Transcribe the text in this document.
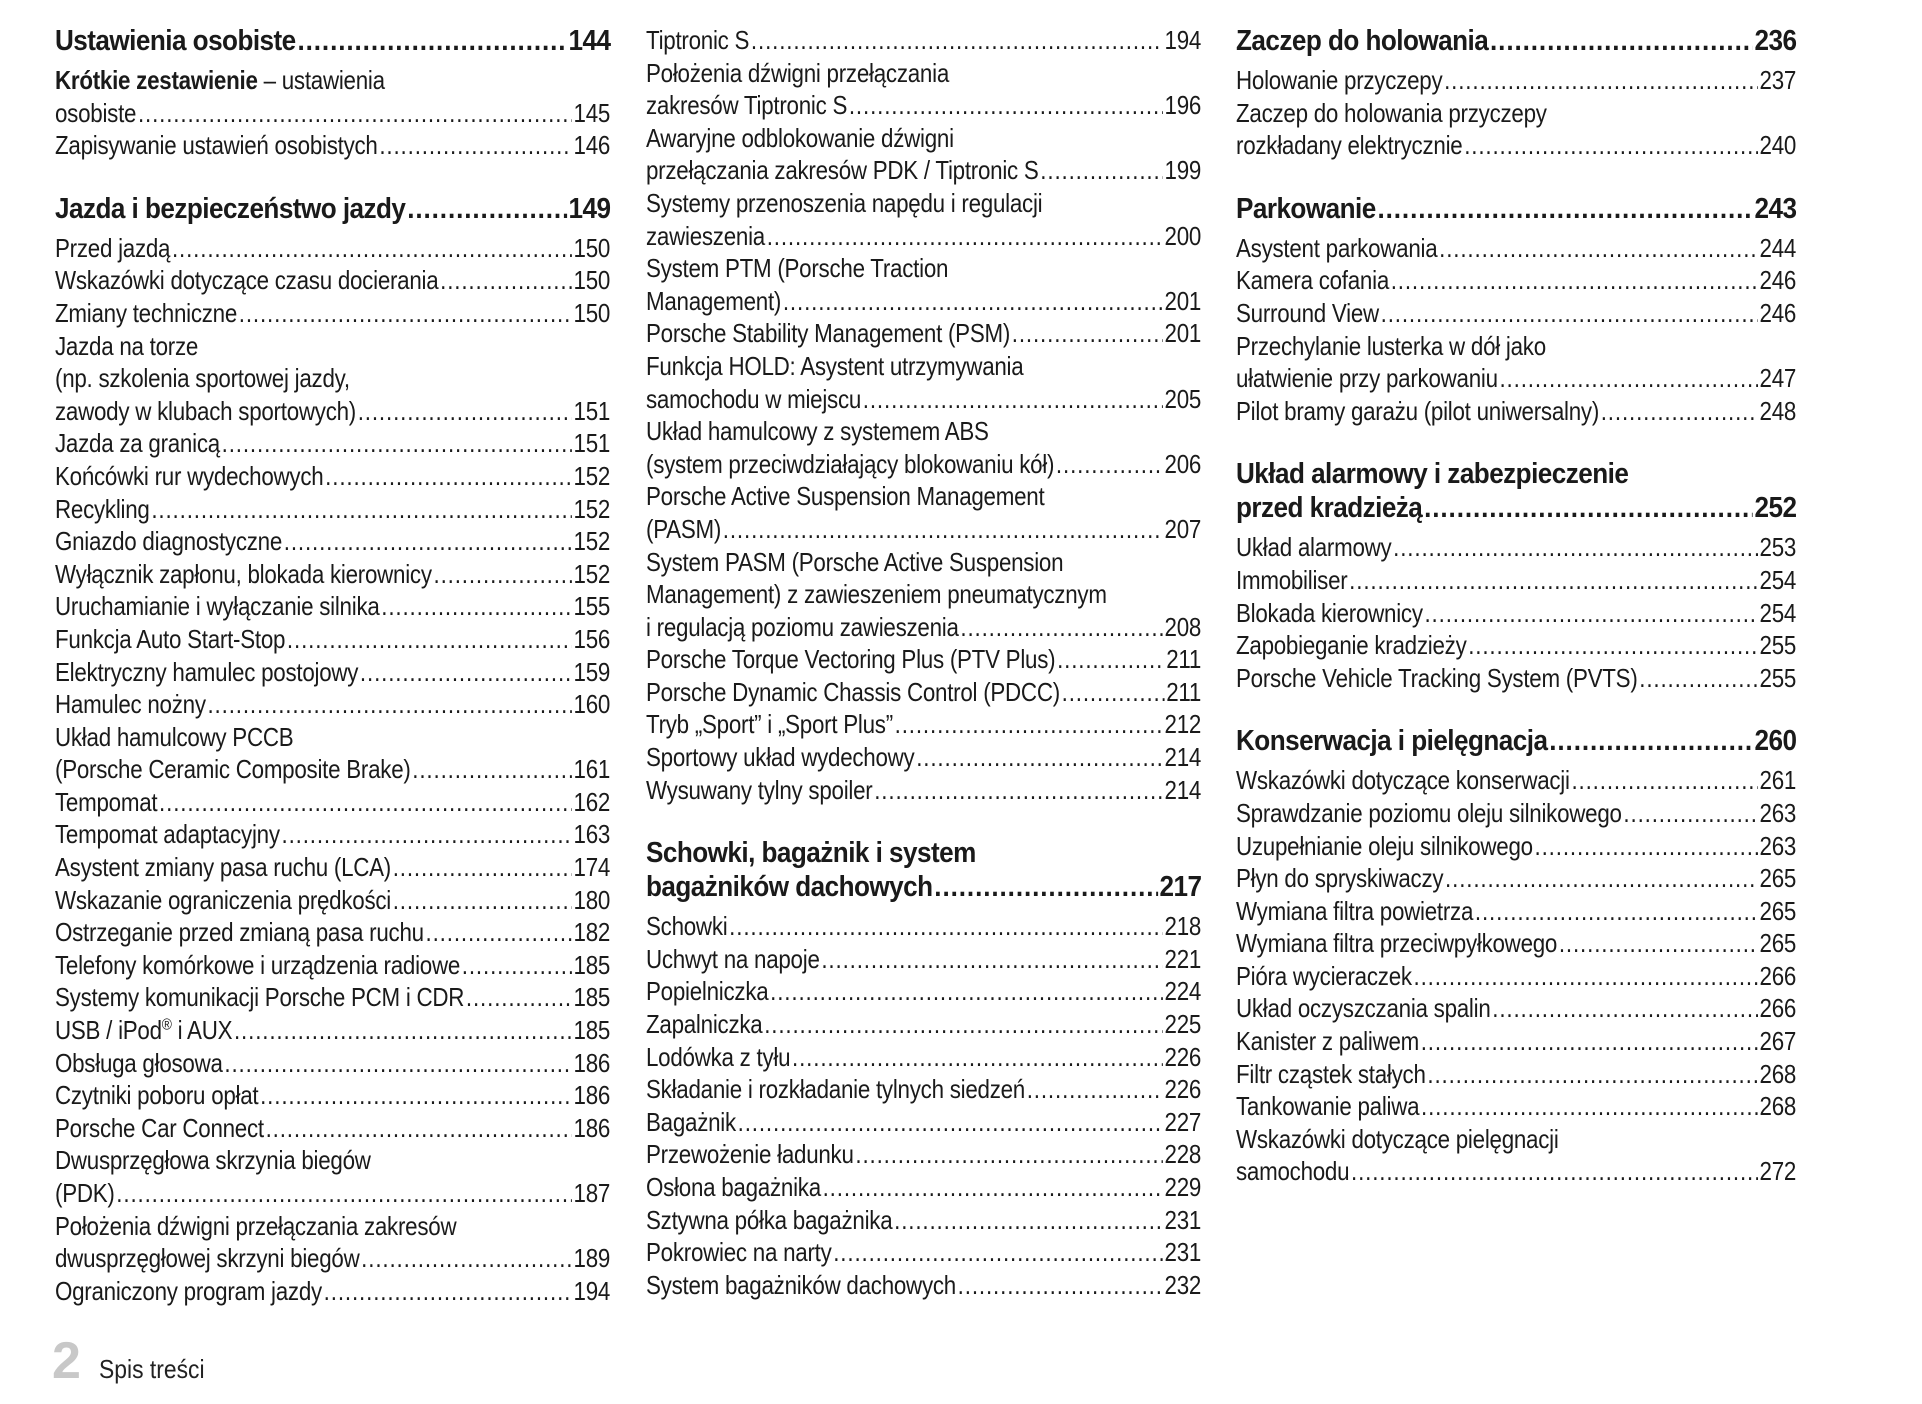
Ustawienia osobiste .....	144
Krótkie zestawienie – ustawienia
osobiste .....	145
Zapisywanie ustawień osobistych .....	146
Jazda i bezpieczeństwo jazdy .....	149
Przed jazdą .....	150
Wskazówki dotyczące czasu docierania .....	150
Zmiany techniczne .....	150
Jazda na torze
(np. szkolenia sportowej jazdy,
zawody w klubach sportowych) .....	151
Jazda za granicą .....	151
Końcówki rur wydechowych .....	152
Recykling .....	152
Gniazdo diagnostyczne .....	152
Wyłącznik zapłonu, blokada kierownicy .....	152
Uruchamianie i wyłączanie silnika .....	155
Funkcja Auto Start-Stop .....	156
Elektryczny hamulec postojowy .....	159
Hamulec nożny .....	160
Układ hamulcowy PCCB
(Porsche Ceramic Composite Brake) .....	161
Tempomat .....	162
Tempomat adaptacyjny .....	163
Asystent zmiany pasa ruchu (LCA) .....	174
Wskazanie ograniczenia prędkości .....	180
Ostrzeganie przed zmianą pasa ruchu .....	182
Telefony komórkowe i urządzenia radiowe .....	185
Systemy komunikacji Porsche PCM i CDR .....	185
USB / iPod® i AUX .....	185
Obsługa głosowa .....	186
Czytniki poboru opłat .....	186
Porsche Car Connect .....	186
Dwusprzęgłowa skrzynia biegów
(PDK) .....	187
Położenia dźwigni przełączania zakresów
dwusprzęgłowej skrzyni biegów .....	189
Ograniczony program jazdy .....	194
Tiptronic S .....	194
Położenia dźwigni przełączania
zakresów Tiptronic S .....	196
Awaryjne odblokowanie dźwigni
przełączania zakresów PDK / Tiptronic S .....	199
Systemy przenoszenia napędu i regulacji
zawieszenia .....	200
System PTM (Porsche Traction
Management) .....	201
Porsche Stability Management (PSM) .....	201
Funkcja HOLD: Asystent utrzymywania
samochodu w miejscu .....	205
Układ hamulcowy z systemem ABS
(system przeciwdziałający blokowaniu kół) .....	206
Porsche Active Suspension Management
(PASM) .....	207
System PASM (Porsche Active Suspension
Management) z zawieszeniem pneumatycznym
i regulacją poziomu zawieszenia .....	208
Porsche Torque Vectoring Plus (PTV Plus) .....	211
Porsche Dynamic Chassis Control (PDCC) .....	211
Tryb „Sport” i „Sport Plus” .....	212
Sportowy układ wydechowy .....	214
Wysuwany tylny spoiler .....	214
Schowki, bagażnik i system
bagażników dachowych .....	217
Schowki .....	218
Uchwyt na napoje .....	221
Popielniczka .....	224
Zapalniczka .....	225
Lodówka z tyłu .....	226
Składanie i rozkładanie tylnych siedzeń .....	226
Bagażnik .....	227
Przewożenie ładunku .....	228
Osłona bagażnika .....	229
Sztywna półka bagażnika .....	231
Pokrowiec na narty .....	231
System bagażników dachowych .....	232
Zaczep do holowania .....	236
Holowanie przyczepy .....	237
Zaczep do holowania przyczepy
rozkładany elektrycznie .....	240
Parkowanie .....	243
Asystent parkowania .....	244
Kamera cofania .....	246
Surround View .....	246
Przechylanie lusterka w dół jako
ułatwienie przy parkowaniu .....	247
Pilot bramy garażu (pilot uniwersalny) .....	248
Układ alarmowy i zabezpieczenie
przed kradzieżą .....	252
Układ alarmowy .....	253
Immobiliser .....	254
Blokada kierownicy .....	254
Zapobieganie kradzieży .....	255
Porsche Vehicle Tracking System (PVTS) .....	255
Konserwacja i pielęgnacja .....	260
Wskazówki dotyczące konserwacji .....	261
Sprawdzanie poziomu oleju silnikowego .....	263
Uzupełnianie oleju silnikowego .....	263
Płyn do spryskiwaczy .....	265
Wymiana filtra powietrza .....	265
Wymiana filtra przeciwpyłkowego .....	265
Pióra wycieraczek .....	266
Układ oczyszczania spalin .....	266
Kanister z paliwem .....	267
Filtr cząstek stałych .....	268
Tankowanie paliwa .....	268
Wskazówki dotyczące pielęgnacji
samochodu .....	272
2 Spis treści
